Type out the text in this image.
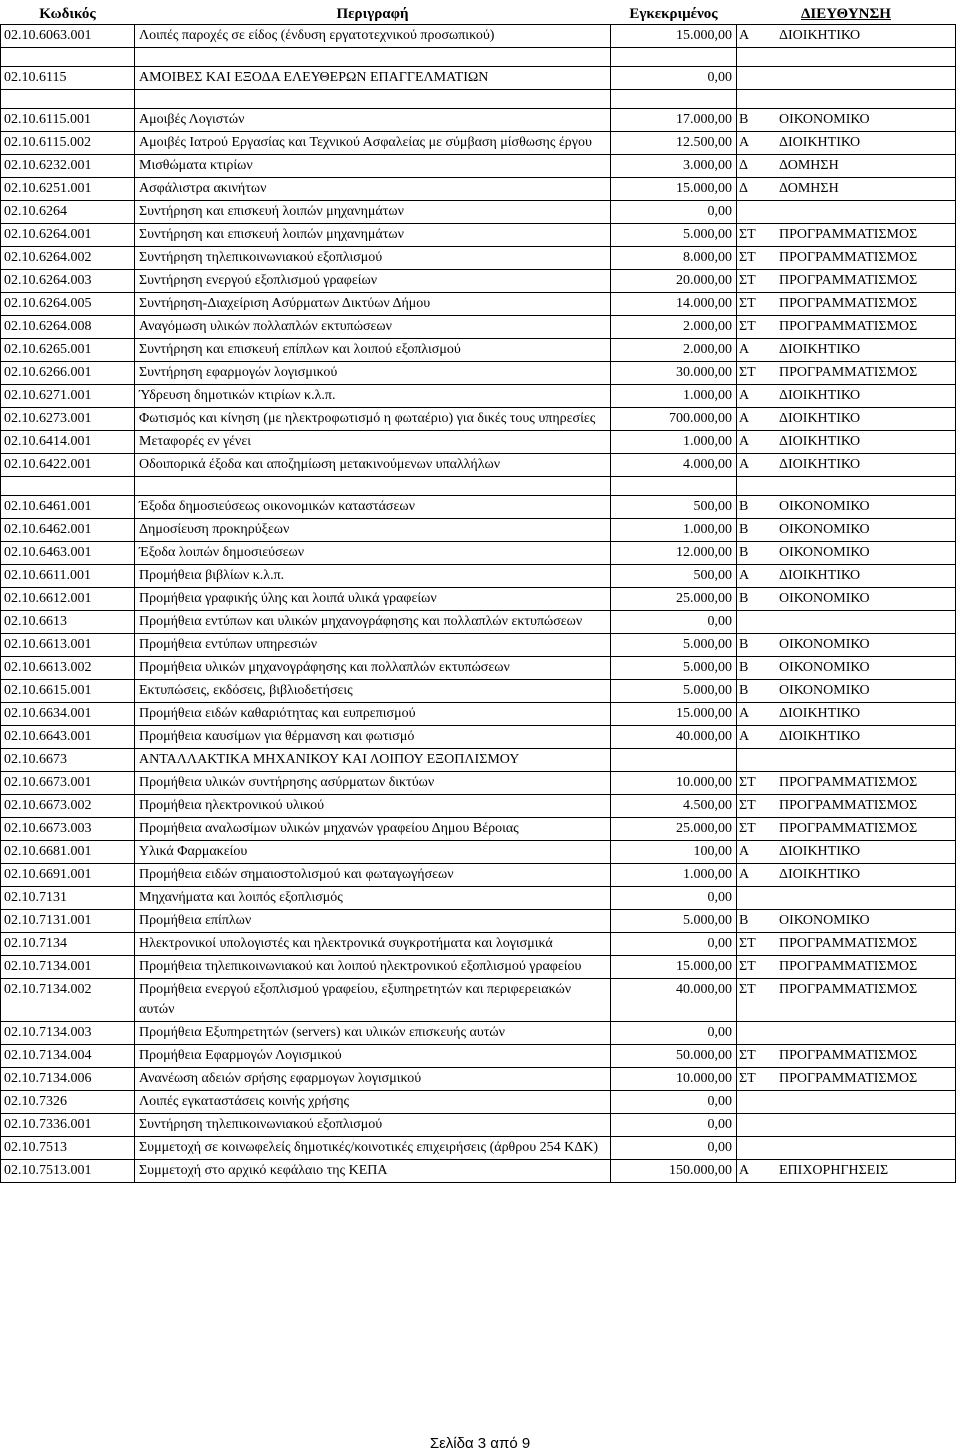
Κωδικός	Περιγραφή	Εγκεκριμένος	ΔΙΕΥΘΥΝΣΗ
02.10.6063.001	Λοιπές παροχές σε είδος (ένδυση εργατοτεχνικού προσωπικού)	15.000,00	Α ΔΙΟΙΚΗΤΙΚΟ

02.10.6115	ΑΜΟΙΒΕΣ ΚΑΙ ΕΞΟΔΑ ΕΛΕΥΘΕΡΩΝ ΕΠΑΓΓΕΛΜΑΤΙΩΝ	0,00	

02.10.6115.001	Αμοιβές Λογιστών	17.000,00	Β ΟΙΚΟΝΟΜΙΚΟ
02.10.6115.002	Αμοιβές Ιατρού Εργασίας και Τεχνικού Ασφαλείας με σύμβαση μίσθωσης έργου	12.500,00	Α ΔΙΟΙΚΗΤΙΚΟ
02.10.6232.001	Μισθώματα κτιρίων	3.000,00	Δ ΔΟΜΗΣΗ
02.10.6251.001	Ασφάλιστρα ακινήτων	15.000,00	Δ ΔΟΜΗΣΗ
02.10.6264	Συντήρηση και επισκευή λοιπών μηχανημάτων	0,00	
02.10.6264.001	Συντήρηση και επισκευή λοιπών μηχανημάτων	5.000,00	ΣΤ ΠΡΟΓΡΑΜΜΑΤΙΣΜΟΣ
02.10.6264.002	Συντήρηση τηλεπικοινωνιακού εξοπλισμού	8.000,00	ΣΤ ΠΡΟΓΡΑΜΜΑΤΙΣΜΟΣ
02.10.6264.003	Συντήρηση ενεργού εξοπλισμού γραφείων	20.000,00	ΣΤ ΠΡΟΓΡΑΜΜΑΤΙΣΜΟΣ
02.10.6264.005	Συντήρηση-Διαχείριση Ασύρματων Δικτύων Δήμου	14.000,00	ΣΤ ΠΡΟΓΡΑΜΜΑΤΙΣΜΟΣ
02.10.6264.008	Αναγόμωση υλικών πολλαπλών εκτυπώσεων	2.000,00	ΣΤ ΠΡΟΓΡΑΜΜΑΤΙΣΜΟΣ
02.10.6265.001	Συντήρηση και επισκευή επίπλων και λοιπού εξοπλισμού	2.000,00	Α ΔΙΟΙΚΗΤΙΚΟ
02.10.6266.001	Συντήρηση εφαρμογών λογισμικού	30.000,00	ΣΤ ΠΡΟΓΡΑΜΜΑΤΙΣΜΟΣ
02.10.6271.001	Ύδρευση δημοτικών κτιρίων κ.λ.π.	1.000,00	Α ΔΙΟΙΚΗΤΙΚΟ
02.10.6273.001	Φωτισμός και κίνηση (με ηλεκτροφωτισμό η φωταέριο) για δικές τους υπηρεσίες	700.000,00	Α ΔΙΟΙΚΗΤΙΚΟ
02.10.6414.001	Μεταφορές εν γένει	1.000,00	Α ΔΙΟΙΚΗΤΙΚΟ
02.10.6422.001	Οδοιπορικά έξοδα και αποζημίωση μετακινούμενων υπαλλήλων	4.000,00	Α ΔΙΟΙΚΗΤΙΚΟ

02.10.6461.001	Έξοδα δημοσιεύσεως οικονομικών καταστάσεων	500,00	Β ΟΙΚΟΝΟΜΙΚΟ
02.10.6462.001	Δημοσίευση προκηρύξεων	1.000,00	Β ΟΙΚΟΝΟΜΙΚΟ
02.10.6463.001	Έξοδα λοιπών δημοσιεύσεων	12.000,00	Β ΟΙΚΟΝΟΜΙΚΟ
02.10.6611.001	Προμήθεια βιβλίων κ.λ.π.	500,00	Α ΔΙΟΙΚΗΤΙΚΟ
02.10.6612.001	Προμήθεια γραφικής ύλης και λοιπά υλικά γραφείων	25.000,00	Β ΟΙΚΟΝΟΜΙΚΟ
02.10.6613	Προμήθεια εντύπων και υλικών μηχανογράφησης και πολλαπλών εκτυπώσεων	0,00	
02.10.6613.001	Προμήθεια εντύπων υπηρεσιών	5.000,00	Β ΟΙΚΟΝΟΜΙΚΟ
02.10.6613.002	Προμήθεια υλικών μηχανογράφησης και πολλαπλών εκτυπώσεων	5.000,00	Β ΟΙΚΟΝΟΜΙΚΟ
02.10.6615.001	Εκτυπώσεις, εκδόσεις, βιβλιοδετήσεις	5.000,00	Β ΟΙΚΟΝΟΜΙΚΟ
02.10.6634.001	Προμήθεια ειδών καθαριότητας και ευπρεπισμού	15.000,00	Α ΔΙΟΙΚΗΤΙΚΟ
02.10.6643.001	Προμήθεια καυσίμων για θέρμανση και φωτισμό	40.000,00	Α ΔΙΟΙΚΗΤΙΚΟ
02.10.6673	ΑΝΤΑΛΛΑΚΤΙΚΑ ΜΗΧΑΝΙΚΟΥ ΚΑΙ ΛΟΙΠΟΥ ΕΞΟΠΛΙΣΜΟΥ		
02.10.6673.001	Προμήθεια υλικών συντήρησης ασύρματων δικτύων	10.000,00	ΣΤ ΠΡΟΓΡΑΜΜΑΤΙΣΜΟΣ
02.10.6673.002	Προμήθεια ηλεκτρονικού υλικού	4.500,00	ΣΤ ΠΡΟΓΡΑΜΜΑΤΙΣΜΟΣ
02.10.6673.003	Προμήθεια αναλωσίμων υλικών μηχανών γραφείου Δημου Βέροιας	25.000,00	ΣΤ ΠΡΟΓΡΑΜΜΑΤΙΣΜΟΣ
02.10.6681.001	Υλικά Φαρμακείου	100,00	Α ΔΙΟΙΚΗΤΙΚΟ
02.10.6691.001	Προμήθεια ειδών σημαιοστολισμού και φωταγωγήσεων	1.000,00	Α ΔΙΟΙΚΗΤΙΚΟ
02.10.7131	Μηχανήματα και λοιπός εξοπλισμός	0,00	
02.10.7131.001	Προμήθεια επίπλων	5.000,00	Β ΟΙΚΟΝΟΜΙΚΟ
02.10.7134	Ηλεκτρονικοί υπολογιστές και ηλεκτρονικά συγκροτήματα και λογισμικά	0,00	ΣΤ ΠΡΟΓΡΑΜΜΑΤΙΣΜΟΣ
02.10.7134.001	Προμήθεια τηλεπικοινωνιακού και λοιπού ηλεκτρονικού εξοπλισμού γραφείου	15.000,00	ΣΤ ΠΡΟΓΡΑΜΜΑΤΙΣΜΟΣ
02.10.7134.002	Προμήθεια ενεργού εξοπλισμού γραφείου, εξυπηρετητών και περιφερειακών αυτών	40.000,00	ΣΤ ΠΡΟΓΡΑΜΜΑΤΙΣΜΟΣ
02.10.7134.003	Προμήθεια Εξυπηρετητών (servers) και υλικών επισκευής αυτών	0,00	
02.10.7134.004	Προμήθεια Εφαρμογών Λογισμικού	50.000,00	ΣΤ ΠΡΟΓΡΑΜΜΑΤΙΣΜΟΣ
02.10.7134.006	Ανανέωση αδειών σρήσης εφαρμογων λογισμικού	10.000,00	ΣΤ ΠΡΟΓΡΑΜΜΑΤΙΣΜΟΣ
02.10.7326	Λοιπές εγκαταστάσεις κοινής χρήσης	0,00	
02.10.7336.001	Συντήρηση τηλεπικοινωνιακού εξοπλισμού	0,00	
02.10.7513	Συμμετοχή σε κοινωφελείς δημοτικές/κοινοτικές επιχειρήσεις (άρθρου 254 ΚΔΚ)	0,00	
02.10.7513.001	Συμμετοχή στο αρχικό κεφάλαιο της ΚΕΠΑ	150.000,00	Α ΕΠΙΧΟΡΗΓΗΣΕΙΣ
Σελίδα 3 από 9
